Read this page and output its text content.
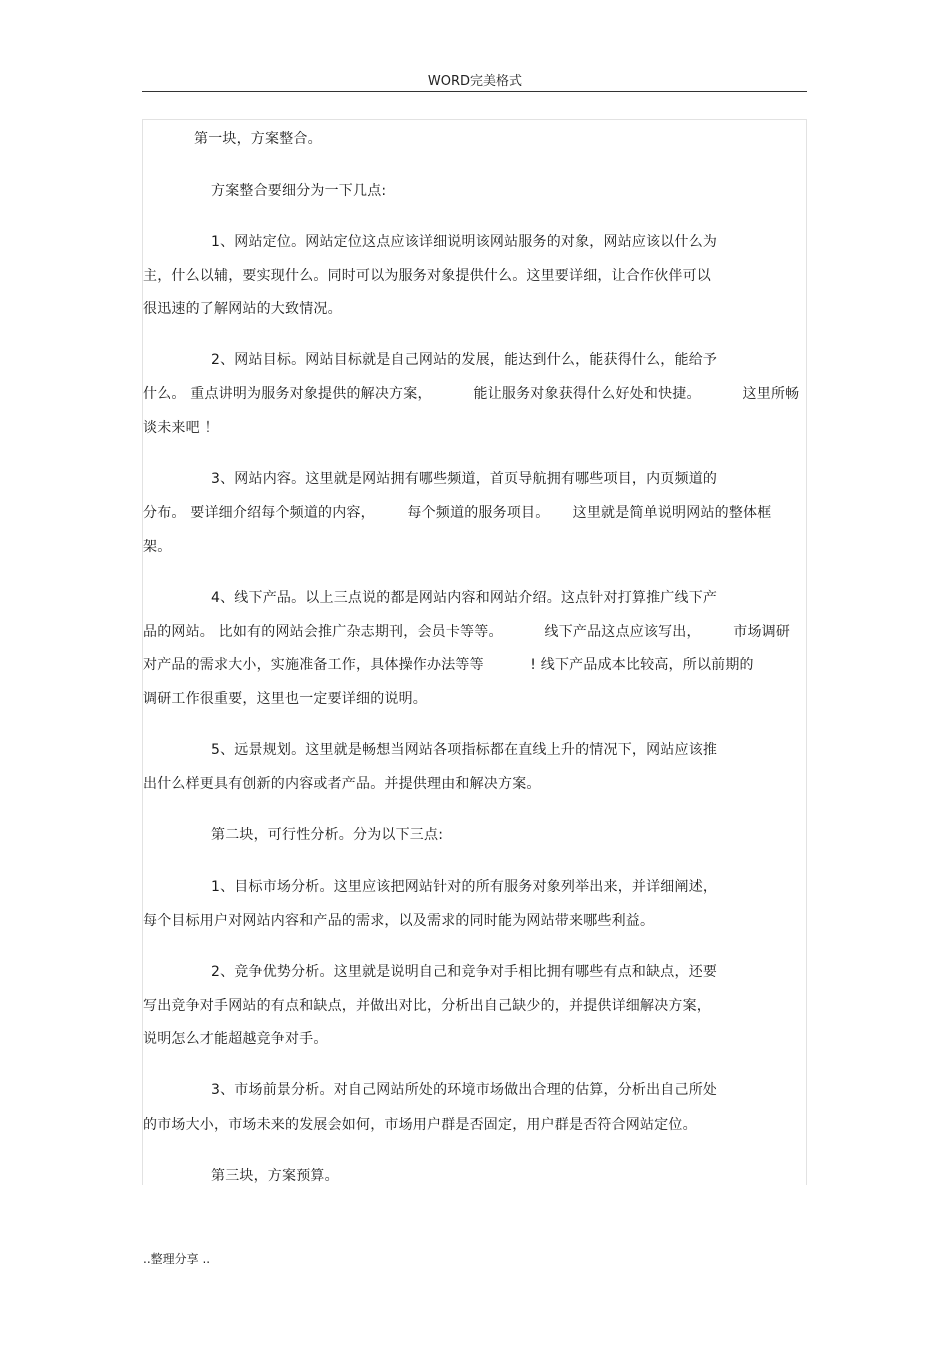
WORD完美格式

第一块，方案整合。

方案整合要细分为一下几点:

1、网站定位。网站定位这点应该详细说明该网站服务的对象，网站应该以什么为

主，什么以辅，要实现什么。同时可以为服务对象提供什么。这里要详细，让合作伙伴可以

很迅速的了解网站的大致情况。

2、网站目标。网站目标就是自己网站的发展，能达到什么，能获得什么，能给予

什么。 重点讲明为服务对象提供的解决方案，         能让服务对象获得什么好处和快捷。         这里所畅

谈未来吧 ！

3、网站内容。这里就是网站拥有哪些频道，首页导航拥有哪些项目，内页频道的

分布。 要详细介绍每个频道的内容，       每个频道的服务项目。     这里就是简单说明网站的整体框

架。

4、线下产品。以上三点说的都是网站内容和网站介绍。这点针对打算推广线下产

品的网站。 比如有的网站会推广杂志期刊，会员卡等等。         线下产品这点应该写出，       市场调研

对产品的需求大小，实施准备工作，具体操作办法等等          ! 线下产品成本比较高，所以前期的

调研工作很重要，这里也一定要详细的说明。

5、远景规划。这里就是畅想当网站各项指标都在直线上升的情况下，网站应该推

出什么样更具有创新的内容或者产品。并提供理由和解决方案。

第二块，可行性分析。分为以下三点:

1、目标市场分析。这里应该把网站针对的所有服务对象列举出来，并详细阐述，

每个目标用户对网站内容和产品的需求，以及需求的同时能为网站带来哪些利益。

2、竞争优势分析。这里就是说明自己和竞争对手相比拥有哪些有点和缺点，还要

写出竞争对手网站的有点和缺点，并做出对比，分析出自己缺少的，并提供详细解决方案，

说明怎么才能超越竞争对手。

3、市场前景分析。对自己网站所处的环境市场做出合理的估算，分析出自己所处

的市场大小，市场未来的发展会如何，市场用户群是否固定，用户群是否符合网站定位。

第三块，方案预算。

..整理分享 ..
